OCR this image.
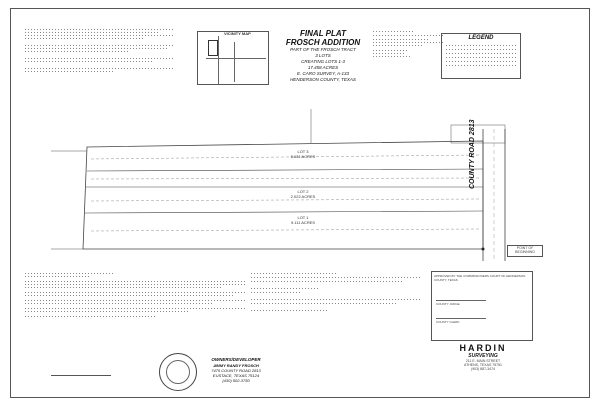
VICINITY MAP	FINAL PLAT
FROSCH ADDITION
PART OF THE FROSCH TRACT
3 LOTS
CREATING LOTS 1-3
17.458 ACRES
E. CARO SURVEY, A-133
HENDERSON COUNTY, TEXAS
LEGEND
LOT 3
5.631 ACRES
LOT 2
2.022 ACRES
LOT 1
9.111 ACRES
COUNTY ROAD 2813
POINT OF BEGINNING
OWNERS/DEVELOPER
JIMMY RANDY FROSCH
7475 COUNTY ROAD 2813
EUSTACE, TEXAS 75124
(430) 502-3750
APPROVED BY THE COMMISSIONERS COURT OF HENDERSON COUNTY, TEXAS
COUNTY JUDGE
COUNTY CLERK
HARDIN
SURVEYING
211 E. MAIN STREET
ATHENS, TEXAS 75751
(903) 887-3474
